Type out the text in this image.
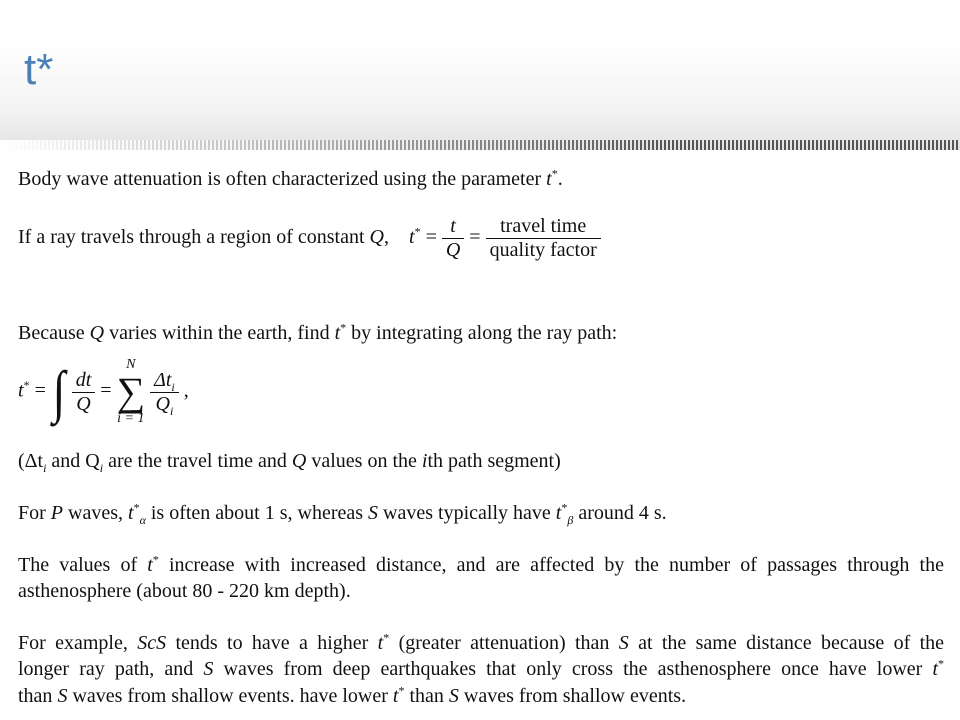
t*
Body wave attenuation is often characterized using the parameter t*.
If a ray travels through a region of constant Q, $t^* = \frac{t}{Q} = \frac{\text{travel time}}{\text{quality factor}}$
Because Q varies within the earth, find t* by integrating along the ray path:
t* = ∫ $\frac{dt}{Q}$ =
N
∑
i = 1

$\frac{\Delta t_i}{Q_i}$ ,
($\Delta t_i$ and $Q_i$ are the travel time and Q values on the ith path segment)
For P waves, $t^*_\alpha$ is often about 1 s, whereas S waves typically have $t^*_\beta$ around 4 s.
The values of t* increase with increased distance, and are affected by the number of passages through the
asthenosphere (about 80 - 220 km depth).
For example, ScS tends to have a higher t* (greater attenuation) than S at the same distance because of the
longer ray path, and S waves from deep earthquakes that only cross the asthenosphere once have lower t*
than S waves from shallow events. have lower t* than S waves from shallow events.
